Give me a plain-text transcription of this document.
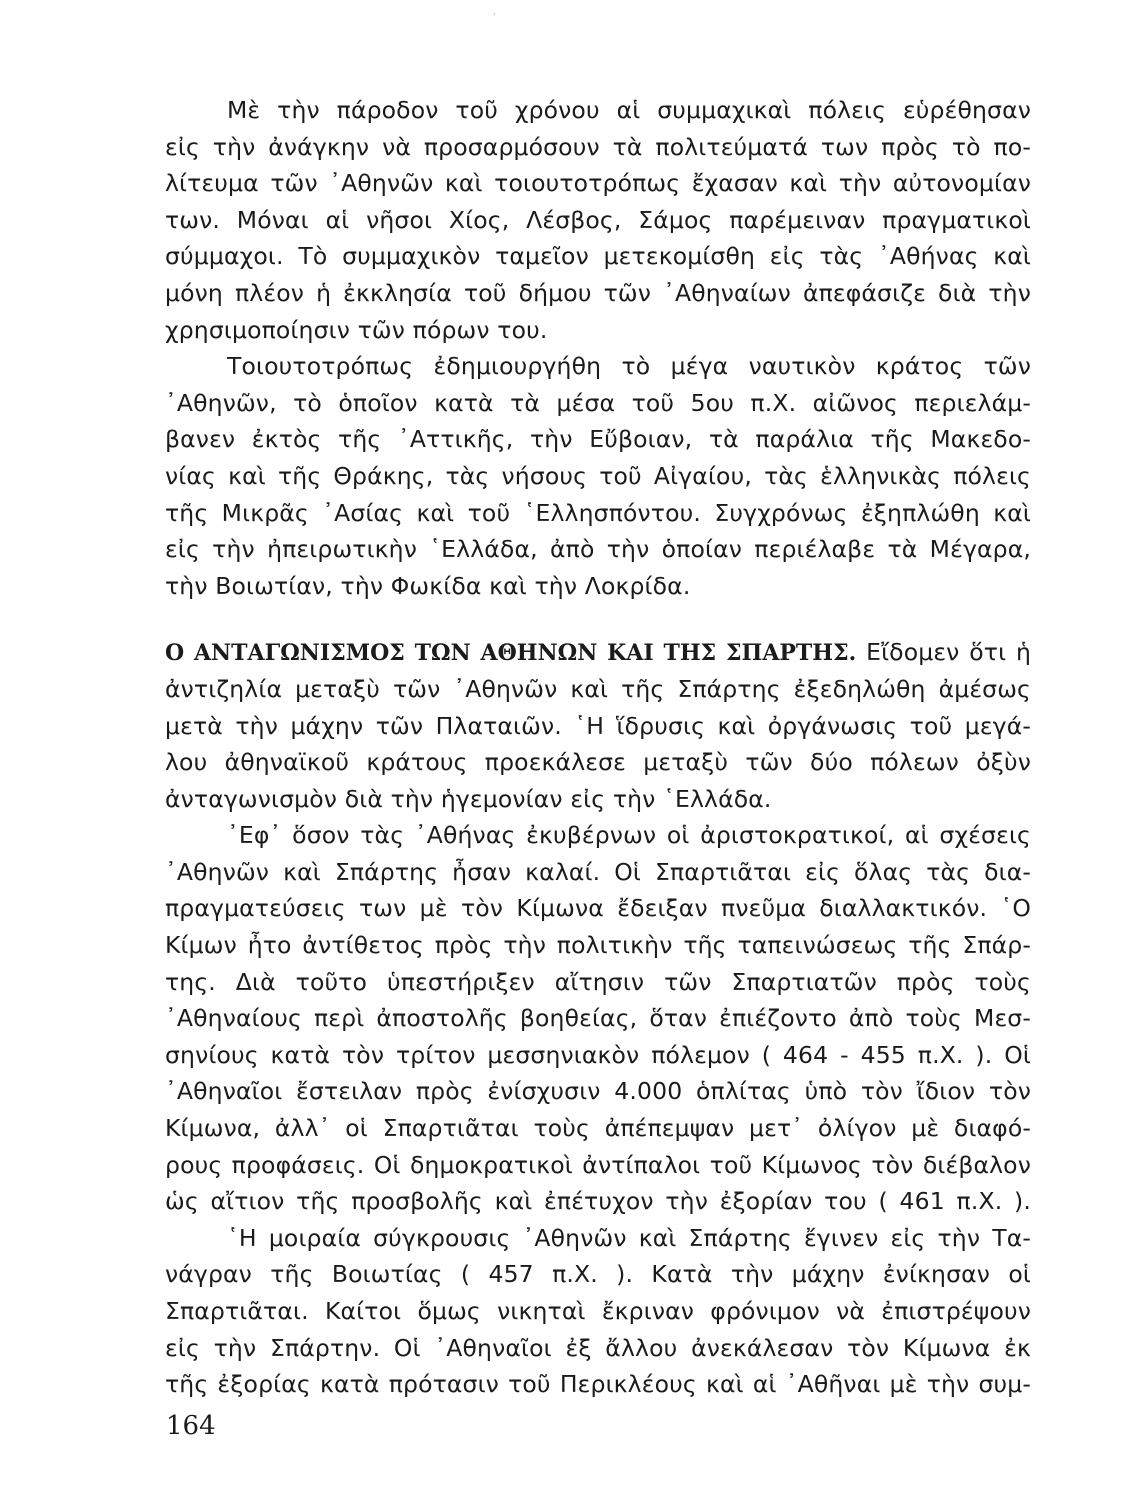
·
Μὲ τὴν πάροδον τοῦ χρόνου αἱ συμμαχικαὶ πόλεις εὑρέθησαν
εἰς τὴν ἀνάγκην νὰ προσαρμόσουν τὰ πολιτεύματά των πρὸς τὸ πο-
λίτευμα τῶν ᾿Αθηνῶν καὶ τοιουτοτρόπως ἔχασαν καὶ τὴν αὐτονομίαν
των. Μόναι αἱ νῆσοι Χίος, Λέσβος, Σάμος παρέμειναν πραγματικοὶ
σύμμαχοι. Τὸ συμμαχικὸν ταμεῖον μετεκομίσθη εἰς τὰς ᾿Αθήνας καὶ
μόνη πλέον ἡ ἐκκλησία τοῦ δήμου τῶν ᾿Αθηναίων ἀπεφάσιζε διὰ τὴν
χρησιμοποίησιν τῶν πόρων του.
Τοιουτοτρόπως ἐδημιουργήθη τὸ μέγα ναυτικὸν κράτος τῶν
᾿Αθηνῶν, τὸ ὁποῖον κατὰ τὰ μέσα τοῦ 5ου π.Χ. αἰῶνος περιελάμ-
βανεν ἐκτὸς τῆς ᾿Αττικῆς, τὴν Εὔβοιαν, τὰ παράλια τῆς Μακεδο-
νίας καὶ τῆς Θράκης, τὰς νήσους τοῦ Αἰγαίου, τὰς ἑλληνικὰς πόλεις
τῆς Μικρᾶς ᾿Ασίας καὶ τοῦ ῾Ελλησπόντου. Συγχρόνως ἐξηπλώθη καὶ
εἰς τὴν ἠπειρωτικὴν ῾Ελλάδα, ἀπὸ τὴν ὁποίαν περιέλαβε τὰ Μέγαρα,
τὴν Βοιωτίαν, τὴν Φωκίδα καὶ τὴν Λοκρίδα.
Ο ΑΝΤΑΓΩΝΙΣΜΟΣ ΤΩΝ ΑΘΗΝΩΝ ΚΑΙ ΤΗΣ ΣΠΑΡΤΗΣ. Εἴδομεν ὅτι ἡ
ἀντιζηλία μεταξὺ τῶν ᾿Αθηνῶν καὶ τῆς Σπάρτης ἐξεδηλώθη ἀμέσως
μετὰ τὴν μάχην τῶν Πλαταιῶν. ῾Η ἵδρυσις καὶ ὀργάνωσις τοῦ μεγά-
λου ἀθηναϊκοῦ κράτους προεκάλεσε μεταξὺ τῶν δύο πόλεων ὀξὺν
ἀνταγωνισμὸν διὰ τὴν ἡγεμονίαν εἰς τὴν ῾Ελλάδα.
᾿Εφ᾿ ὅσον τὰς ᾿Αθήνας ἐκυβέρνων οἱ ἀριστοκρατικοί, αἱ σχέσεις
᾿Αθηνῶν καὶ Σπάρτης ἦσαν καλαί. Οἱ Σπαρτιᾶται εἰς ὅλας τὰς δια-
πραγματεύσεις των μὲ τὸν Κίμωνα ἔδειξαν πνεῦμα διαλλακτικόν. ῾Ο
Κίμων ἦτο ἀντίθετος πρὸς τὴν πολιτικὴν τῆς ταπεινώσεως τῆς Σπάρ-
της. Διὰ τοῦτο ὑπεστήριξεν αἴτησιν τῶν Σπαρτιατῶν πρὸς τοὺς
᾿Αθηναίους περὶ ἀποστολῆς βοηθείας, ὅταν ἐπιέζοντο ἀπὸ τοὺς Μεσ-
σηνίους κατὰ τὸν τρίτον μεσσηνιακὸν πόλεμον ( 464 - 455 π.Χ. ). Οἱ
᾿Αθηναῖοι ἔστειλαν πρὸς ἐνίσχυσιν 4.000 ὁπλίτας ὑπὸ τὸν ἴδιον τὸν
Κίμωνα, ἀλλ᾿ οἱ Σπαρτιᾶται τοὺς ἀπέπεμψαν μετ᾿ ὀλίγον μὲ διαφό-
ρους προφάσεις. Οἱ δημοκρατικοὶ ἀντίπαλοι τοῦ Κίμωνος τὸν διέβαλον
ὡς αἴτιον τῆς προσβολῆς καὶ ἐπέτυχον τὴν ἐξορίαν του ( 461 π.Χ. ).
῾Η μοιραία σύγκρουσις ᾿Αθηνῶν καὶ Σπάρτης ἔγινεν εἰς τὴν Τα-
νάγραν τῆς Βοιωτίας ( 457 π.Χ. ). Κατὰ τὴν μάχην ἐνίκησαν οἱ
Σπαρτιᾶται. Καίτοι ὅμως νικηταὶ ἔκριναν φρόνιμον νὰ ἐπιστρέψουν
εἰς τὴν Σπάρτην. Οἱ ᾿Αθηναῖοι ἐξ ἄλλου ἀνεκάλεσαν τὸν Κίμωνα ἐκ
τῆς ἐξορίας κατὰ πρότασιν τοῦ Περικλέους καὶ αἱ ᾿Αθῆναι μὲ τὴν συμ-
164
